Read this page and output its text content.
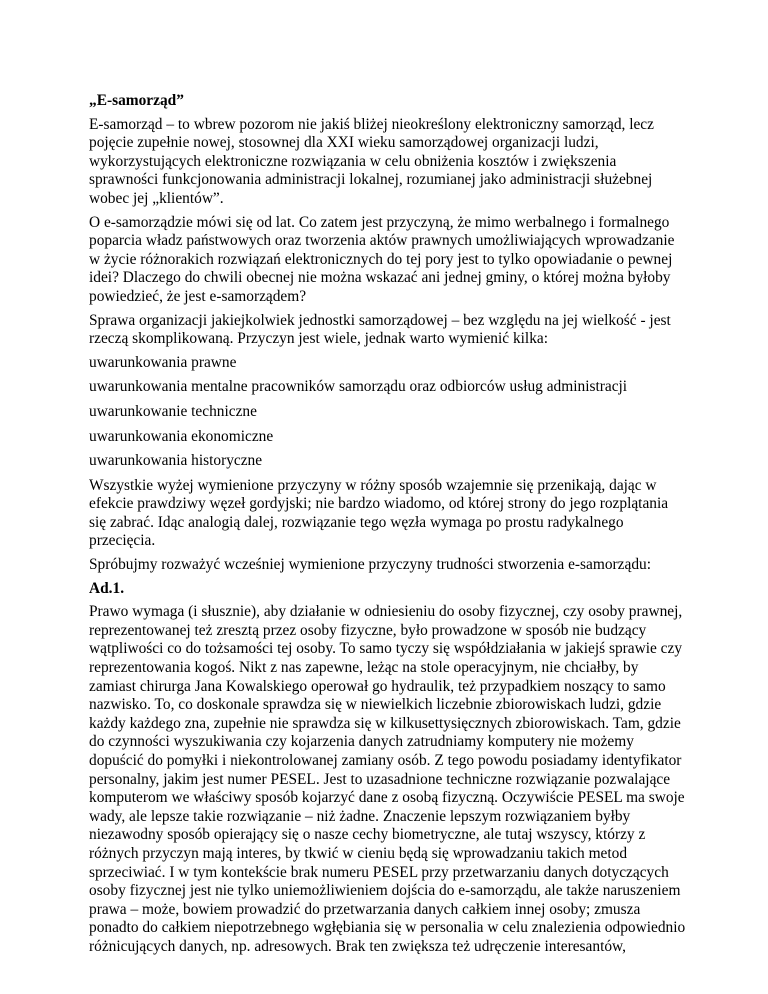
„E-samorząd”

E-samorząd – to wbrew pozorom nie jakiś bliżej nieokreślony elektroniczny samorząd, lecz pojęcie zupełnie nowej, stosownej dla XXI wieku samorządowej organizacji ludzi, wykorzystujących elektroniczne rozwiązania w celu obniżenia kosztów i zwiększenia sprawności funkcjonowania administracji lokalnej, rozumianej jako administracji służebnej wobec jej „klientów”.

O e-samorządzie mówi się od lat. Co zatem jest przyczyną, że mimo werbalnego i formalnego poparcia władz państwowych oraz tworzenia aktów prawnych umożliwiających wprowadzanie w życie różnorakich rozwiązań elektronicznych do tej pory jest to tylko opowiadanie o pewnej idei? Dlaczego do chwili obecnej nie można wskazać ani jednej gminy, o której można byłoby powiedzieć, że jest e-samorządem?

Sprawa organizacji jakiejkolwiek jednostki samorządowej – bez względu na jej wielkość - jest rzeczą skomplikowaną. Przyczyn jest wiele, jednak warto wymienić kilka:

uwarunkowania prawne

uwarunkowania mentalne pracowników samorządu oraz odbiorców usług administracji

uwarunkowanie techniczne

uwarunkowania ekonomiczne

uwarunkowania historyczne

Wszystkie wyżej wymienione przyczyny w różny sposób wzajemnie się przenikają, dając w efekcie prawdziwy węzeł gordyjski; nie bardzo wiadomo, od której strony do jego rozplątania się zabrać. Idąc analogią dalej, rozwiązanie tego węzła wymaga po prostu radykalnego przecięcia.

Spróbujmy rozważyć wcześniej wymienione przyczyny trudności stworzenia e-samorządu:

Ad.1.

Prawo wymaga (i słusznie), aby działanie w odniesieniu do osoby fizycznej, czy osoby prawnej, reprezentowanej też zresztą przez osoby fizyczne, było prowadzone w sposób nie budzący wątpliwości co do tożsamości tej osoby. To samo tyczy się współdziałania w jakiejś sprawie czy reprezentowania kogoś. Nikt z nas zapewne, leżąc na stole operacyjnym, nie chciałby, by zamiast chirurga Jana Kowalskiego operował go hydraulik, też przypadkiem noszący to samo nazwisko. To, co doskonale sprawdza się w niewielkich liczebnie zbiorowiskach ludzi, gdzie każdy każdego zna, zupełnie nie sprawdza się w kilkusettysięcznych zbiorowiskach. Tam, gdzie do czynności wyszukiwania czy kojarzenia danych zatrudniamy komputery nie możemy dopuścić do pomyłki i niekontrolowanej zamiany osób. Z tego powodu posiadamy identyfikator personalny, jakim jest numer PESEL. Jest to uzasadnione techniczne rozwiązanie pozwalające komputerom we właściwy sposób kojarzyć dane z osobą fizyczną. Oczywiście PESEL ma swoje wady, ale lepsze takie rozwiązanie – niż żadne. Znaczenie lepszym rozwiązaniem byłby niezawodny sposób opierający się o nasze cechy biometryczne, ale tutaj wszyscy, którzy z różnych przyczyn mają interes, by tkwić w cieniu będą się wprowadzaniu takich metod sprzeciwiać. I w tym kontekście brak numeru PESEL przy przetwarzaniu danych dotyczących osoby fizycznej jest nie tylko uniemożliwieniem dojścia do e-samorządu, ale także naruszeniem prawa – może, bowiem prowadzić do przetwarzania danych całkiem innej osoby; zmusza ponadto do całkiem niepotrzebnego wgłębiania się w personalia w celu znalezienia odpowiednio różnicujących danych, np. adresowych. Brak ten zwiększa też udręczenie interesantów,
